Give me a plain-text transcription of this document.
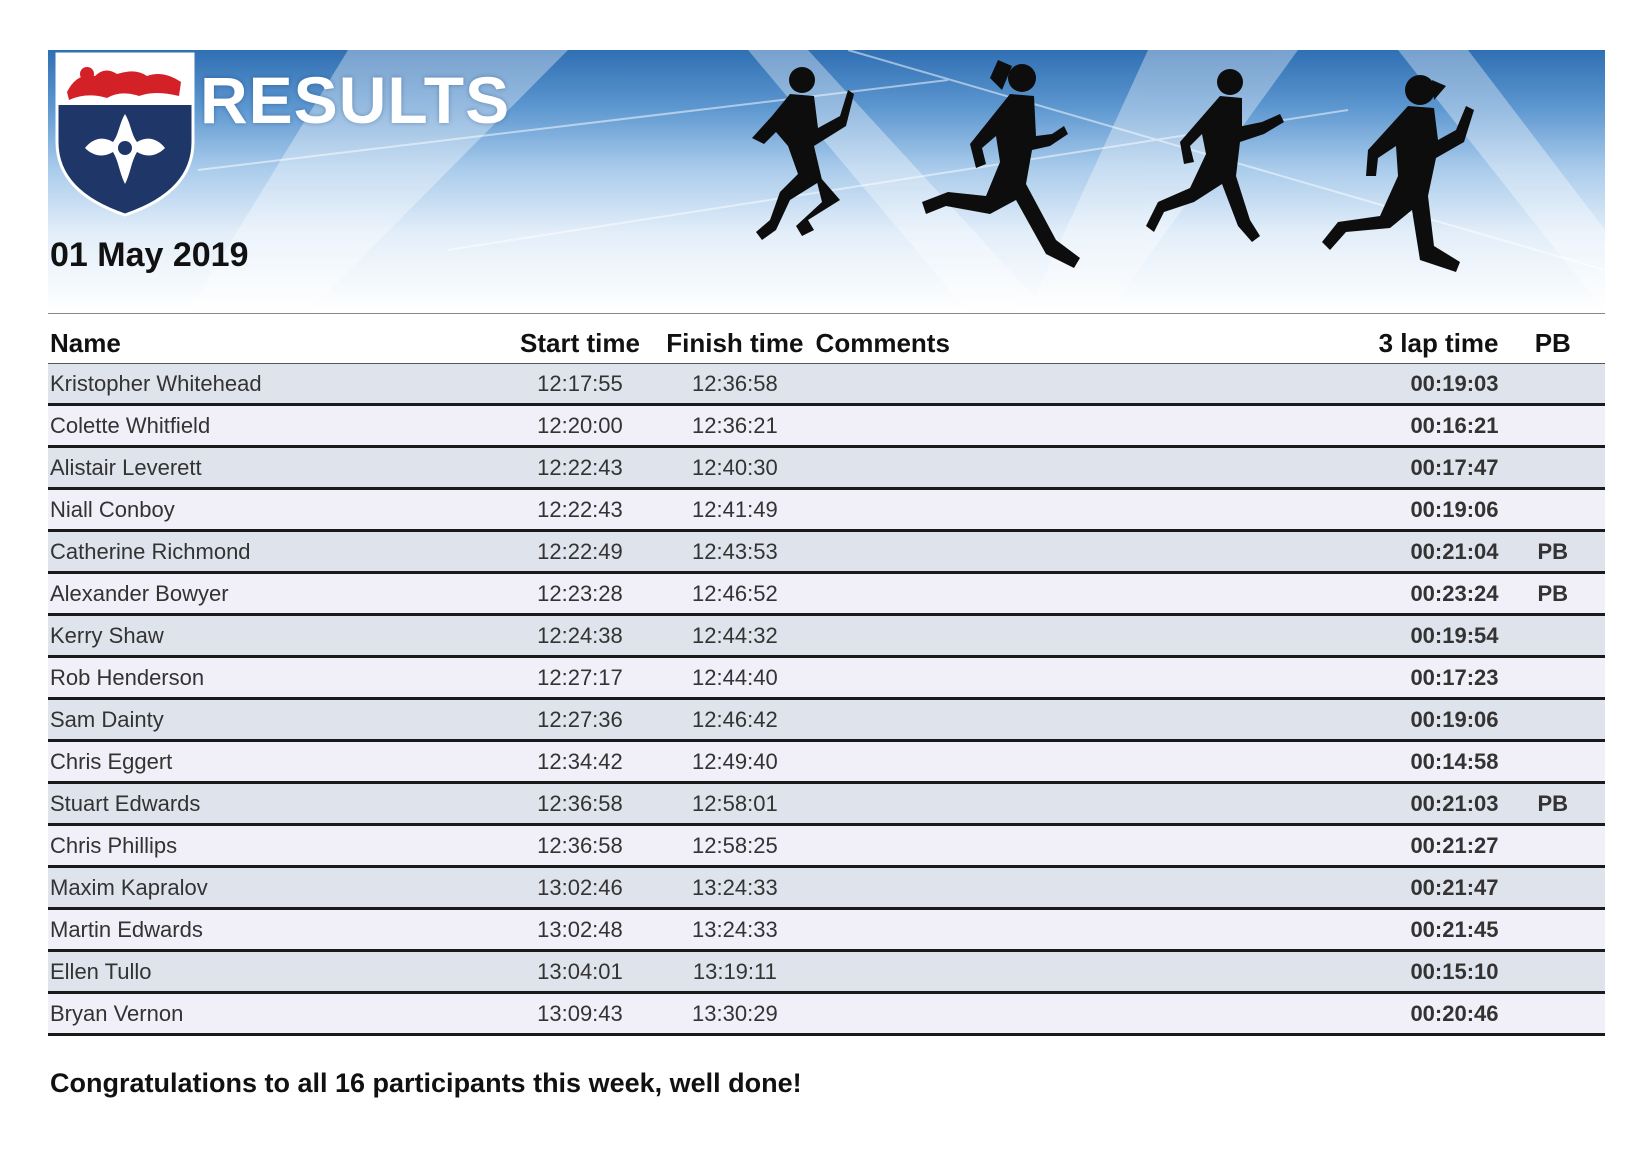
RESULTS
01 May 2019
Name	Start time	Finish time	Comments	3 lap time	PB
Kristopher Whitehead	12:17:55	12:36:58		00:19:03	
Colette Whitfield	12:20:00	12:36:21		00:16:21	
Alistair Leverett	12:22:43	12:40:30		00:17:47	
Niall Conboy	12:22:43	12:41:49		00:19:06	
Catherine Richmond	12:22:49	12:43:53		00:21:04	PB
Alexander Bowyer	12:23:28	12:46:52		00:23:24	PB
Kerry Shaw	12:24:38	12:44:32		00:19:54	
Rob Henderson	12:27:17	12:44:40		00:17:23	
Sam Dainty	12:27:36	12:46:42		00:19:06	
Chris Eggert	12:34:42	12:49:40		00:14:58	
Stuart Edwards	12:36:58	12:58:01		00:21:03	PB
Chris Phillips	12:36:58	12:58:25		00:21:27	
Maxim Kapralov	13:02:46	13:24:33		00:21:47	
Martin Edwards	13:02:48	13:24:33		00:21:45	
Ellen Tullo	13:04:01	13:19:11		00:15:10	
Bryan Vernon	13:09:43	13:30:29		00:20:46	
Congratulations to all 16 participants this week, well done!
